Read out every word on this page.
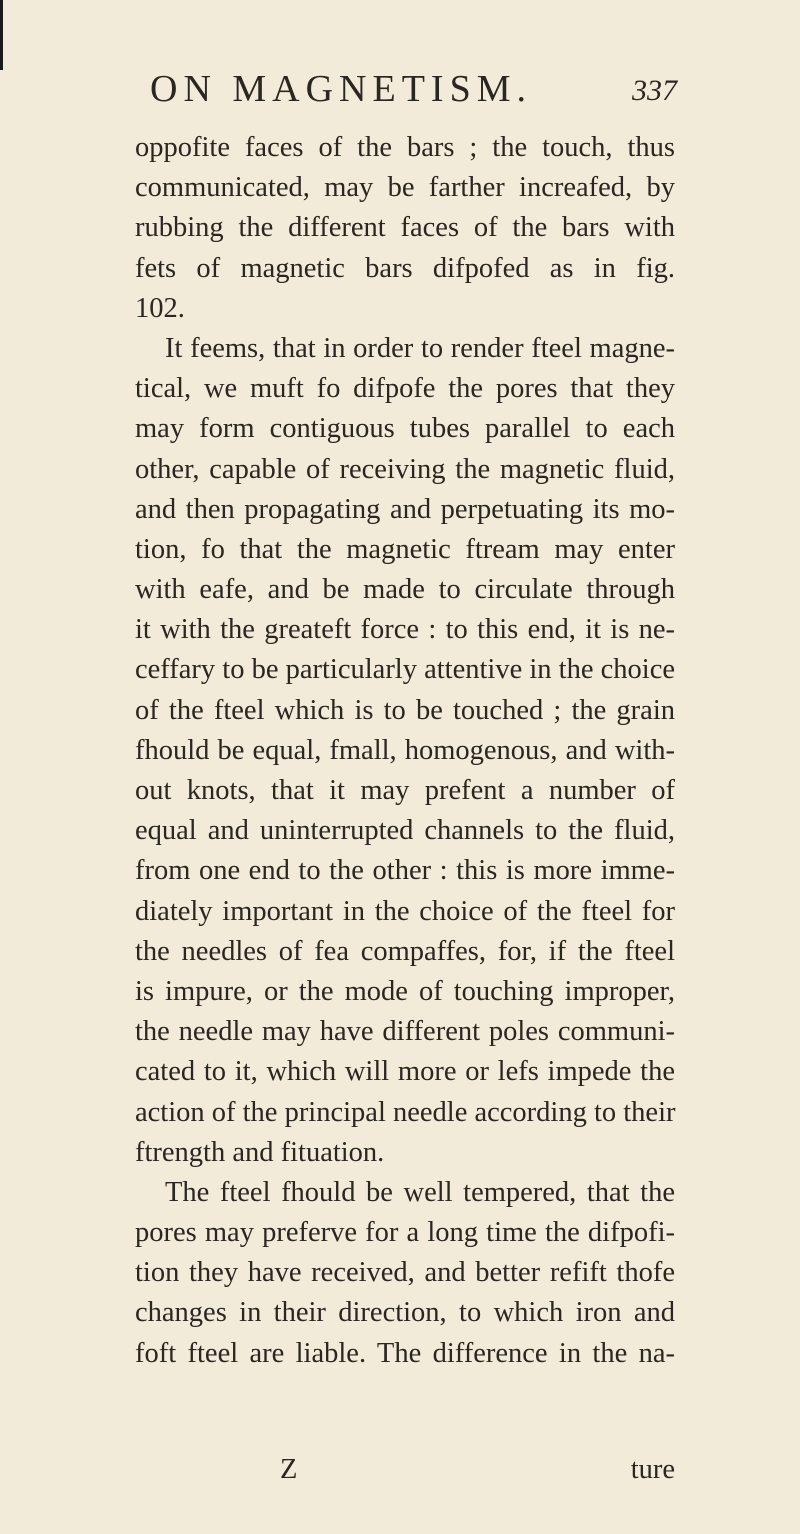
ON MAGNETISM.	337
oppofite faces of the bars ; the touch, thus
communicated, may be farther increafed, by
rubbing the different faces of the bars with
fets of magnetic bars difpofed as in fig.
102.
It feems, that in order to render fteel magne-
tical, we muft fo difpofe the pores that they
may form contiguous tubes parallel to each
other, capable of receiving the magnetic fluid,
and then propagating and perpetuating its mo-
tion, fo that the magnetic ftream may enter
with eafe, and be made to circulate through
it with the greateft force : to this end, it is ne-
ceffary to be particularly attentive in the choice
of the fteel which is to be touched ; the grain
fhould be equal, fmall, homogenous, and with-
out knots, that it may prefent a number of
equal and uninterrupted channels to the fluid,
from one end to the other : this is more imme-
diately important in the choice of the fteel for
the needles of fea compaffes, for, if the fteel
is impure, or the mode of touching improper,
the needle may have different poles communi-
cated to it, which will more or lefs impede the
action of the principal needle according to their
ftrength and fituation.
The fteel fhould be well tempered, that the
pores may preferve for a long time the difpofi-
tion they have received, and better refift thofe
changes in their direction, to which iron and
foft fteel are liable. The difference in the na-
Z	ture
